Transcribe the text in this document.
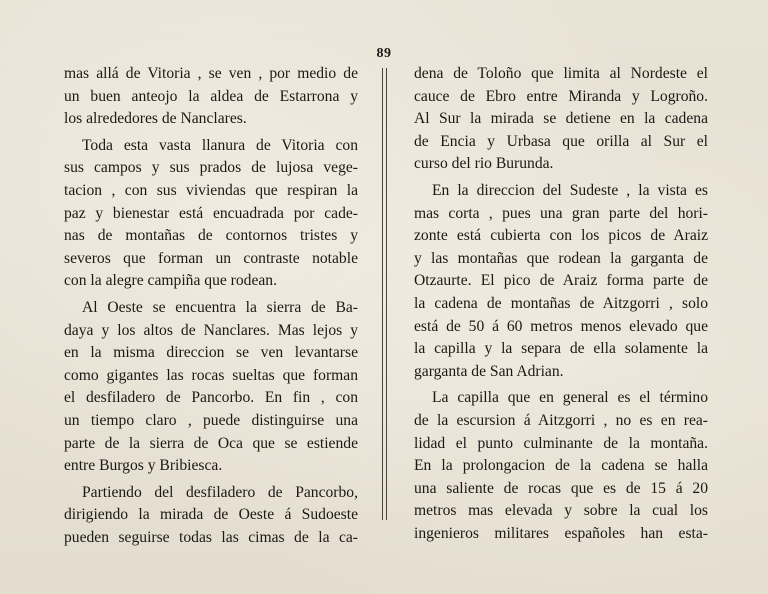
89
mas allá de Vitoria , se ven , por medio de
un buen anteojo la aldea de Estarrona y
los alrededores de Nanclares.
Toda esta vasta llanura de Vitoria con
sus campos y sus prados de lujosa vege-
tacion , con sus viviendas que respiran la
paz y bienestar está encuadrada por cade-
nas de montañas de contornos tristes y
severos que forman un contraste notable
con la alegre campiña que rodean.
Al Oeste se encuentra la sierra de Ba-
daya y los altos de Nanclares. Mas lejos y
en la misma direccion se ven levantarse
como gigantes las rocas sueltas que forman
el desfiladero de Pancorbo. En fin , con
un tiempo claro , puede distinguirse una
parte de la sierra de Oca que se estiende
entre Burgos y Bribiesca.
Partiendo del desfiladero de Pancorbo,
dirigiendo la mirada de Oeste á Sudoeste
pueden seguirse todas las cimas de la ca-
dena de Toloño que limita al Nordeste el
cauce de Ebro entre Miranda y Logroño.
Al Sur la mirada se detiene en la cadena
de Encia y Urbasa que orilla al Sur el
curso del rio Burunda.
En la direccion del Sudeste , la vista es
mas corta , pues una gran parte del hori-
zonte está cubierta con los picos de Araiz
y las montañas que rodean la garganta de
Otzaurte. El pico de Araiz forma parte de
la cadena de montañas de Aitzgorri , solo
está de 50 á 60 metros menos elevado que
la capilla y la separa de ella solamente la
garganta de San Adrian.
La capilla que en general es el término
de la escursion á Aitzgorri , no es en rea-
lidad el punto culminante de la montaña.
En la prolongacion de la cadena se halla
una saliente de rocas que es de 15 á 20
metros mas elevada y sobre la cual los
ingenieros militares españoles han esta-
